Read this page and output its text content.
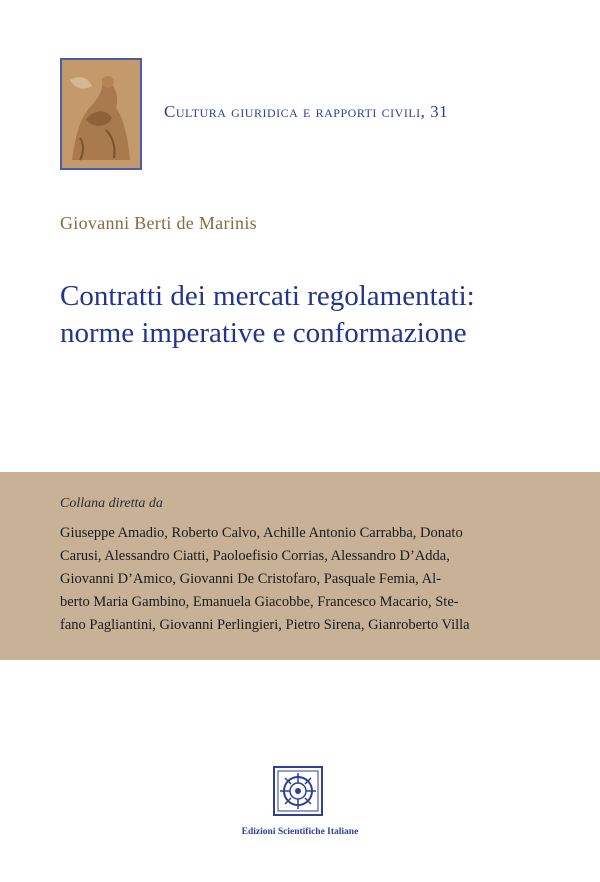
Cultura giuridica e rapporti civili, 31
Giovanni Berti de Marinis
Contratti dei mercati regolamentati:
norme imperative e conformazione
Collana diretta da
Giuseppe Amadio, Roberto Calvo, Achille Antonio Carrabba, Donato
Carusi, Alessandro Ciatti, Paoloefisio Corrias, Alessandro D’Adda,
Giovanni D’Amico, Giovanni De Cristofaro, Pasquale Femia, Al-
berto Maria Gambino, Emanuela Giacobbe, Francesco Macario, Ste-
fano Pagliantini, Giovanni Perlingieri, Pietro Sirena, Gianroberto Villa
Edizioni Scientifiche Italiane
